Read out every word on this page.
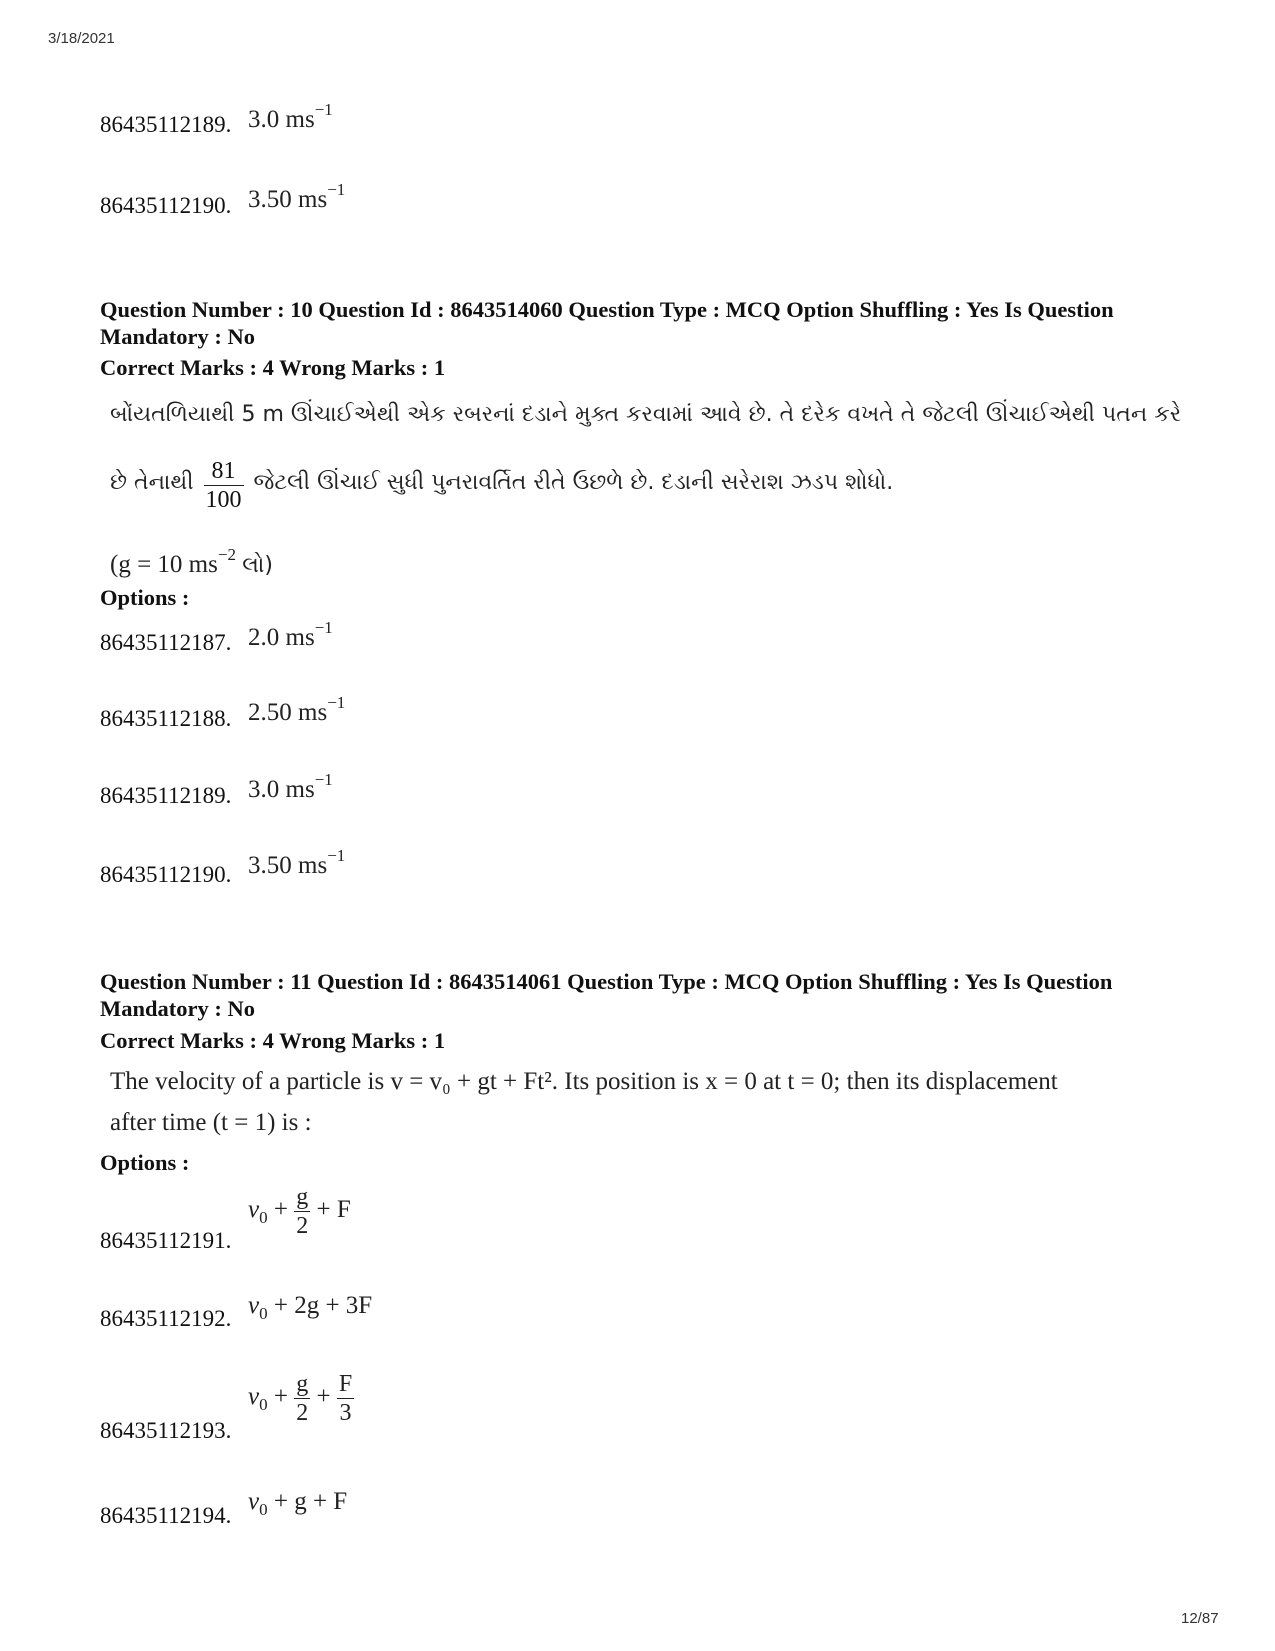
3/18/2021
12/87
86435112189. 3.0 $ms^{-1}$
86435112190. 3.50 $ms^{-1}$
Question Number : 10 Question Id : 8643514060 Question Type : MCQ Option Shuffling : Yes Is Question Mandatory : No
Correct Marks : 4 Wrong Marks : 1
બોંયતળિયાથી 5 m ઊંચાઈએથી એક રબરનાં દડાને મુક્ત કરવામાં આવે છે. તે દરેક વખતે તે જેટલી ઊંચાઈએથી પતન કરે
છે તેનાથી $\frac{81}{100}$ જેટલી ઊંચાઈ સુધી પુનરાવર્તિત રીતે ઉછળે છે. દડાની સરેરાશ ઝડપ શોધો.
(g = 10 $ms^{-2}$ લો)
Options :
86435112187. 2.0 $ms^{-1}$
86435112188. 2.50 $ms^{-1}$
86435112189. 3.0 $ms^{-1}$
86435112190. 3.50 $ms^{-1}$
Question Number : 11 Question Id : 8643514061 Question Type : MCQ Option Shuffling : Yes Is Question Mandatory : No
Correct Marks : 4 Wrong Marks : 1
The velocity of a particle is v = v₀ + gt + Ft². Its position is x = 0 at t = 0; then its displacement
after time (t = 1) is :
Options :
86435112191.
$v_0 + \frac{g}{2} + F$
86435112192. $v_0 + 2g + 3F$
86435112193.
$v_0 + \frac{g}{2} + \frac{F}{3}$
86435112194.
$v_0 + g + F$
